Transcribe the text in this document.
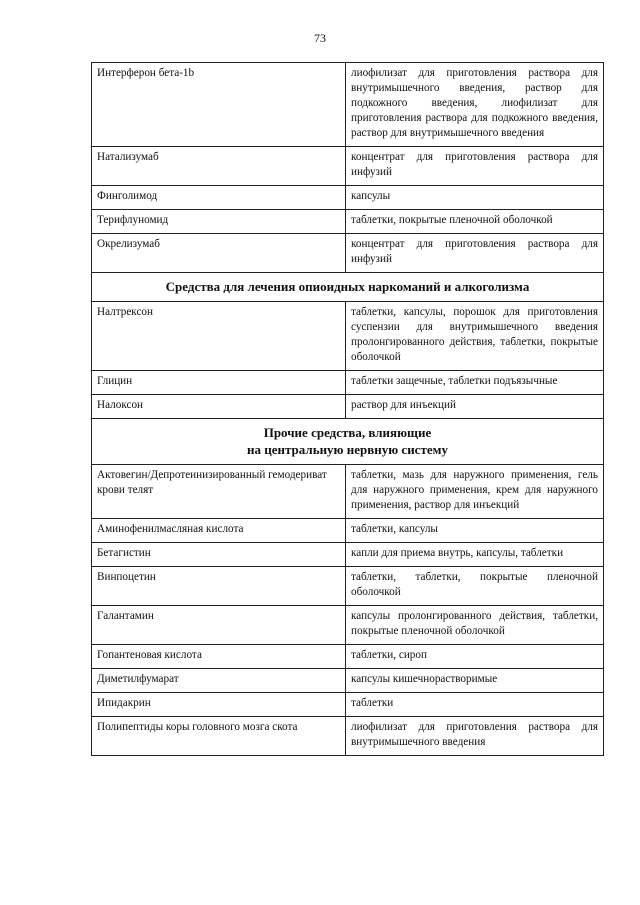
73
Интерферон бета-1b	лиофилизат для приготовления раствора для внутримышечного введения, раствор для подкожного введения, лиофилизат для приготовления раствора для подкожного введения, раствор для внутримышечного введения
Натализумаб	концентрат для приготовления раствора для инфузий
Финголимод	капсулы
Терифлуномид	таблетки, покрытые пленочной оболочкой
Окрелизумаб	концентрат для приготовления раствора для инфузий
Средства для лечения опиоидных наркоманий и алкоголизма	
Налтрексон	таблетки, капсулы, порошок для приготовления суспензии для внутримышечного введения пролонгированного действия, таблетки, покрытые оболочкой
Глицин	таблетки защечные, таблетки подъязычные
Налоксон	раствор для инъекций

Прочие средства, влияющие
на центральную нервную систему	

Актовегин/Депротеинизированный гемодериват крови телят	таблетки, мазь для наружного применения, гель для наружного применения, крем для наружного применения, раствор для инъекций
Аминофенилмасляная кислота	таблетки, капсулы
Бетагистин	капли для приема внутрь, капсулы, таблетки
Винпоцетин	таблетки, таблетки, покрытые пленочной оболочкой
Галантамин	капсулы пролонгированного действия, таблетки, покрытые пленочной оболочкой
Гопантеновая кислота	таблетки, сироп
Диметилфумарат	капсулы кишечнорастворимые
Ипидакрин	таблетки
Полипептиды коры головного мозга скота	лиофилизат для приготовления раствора для внутримышечного введения
